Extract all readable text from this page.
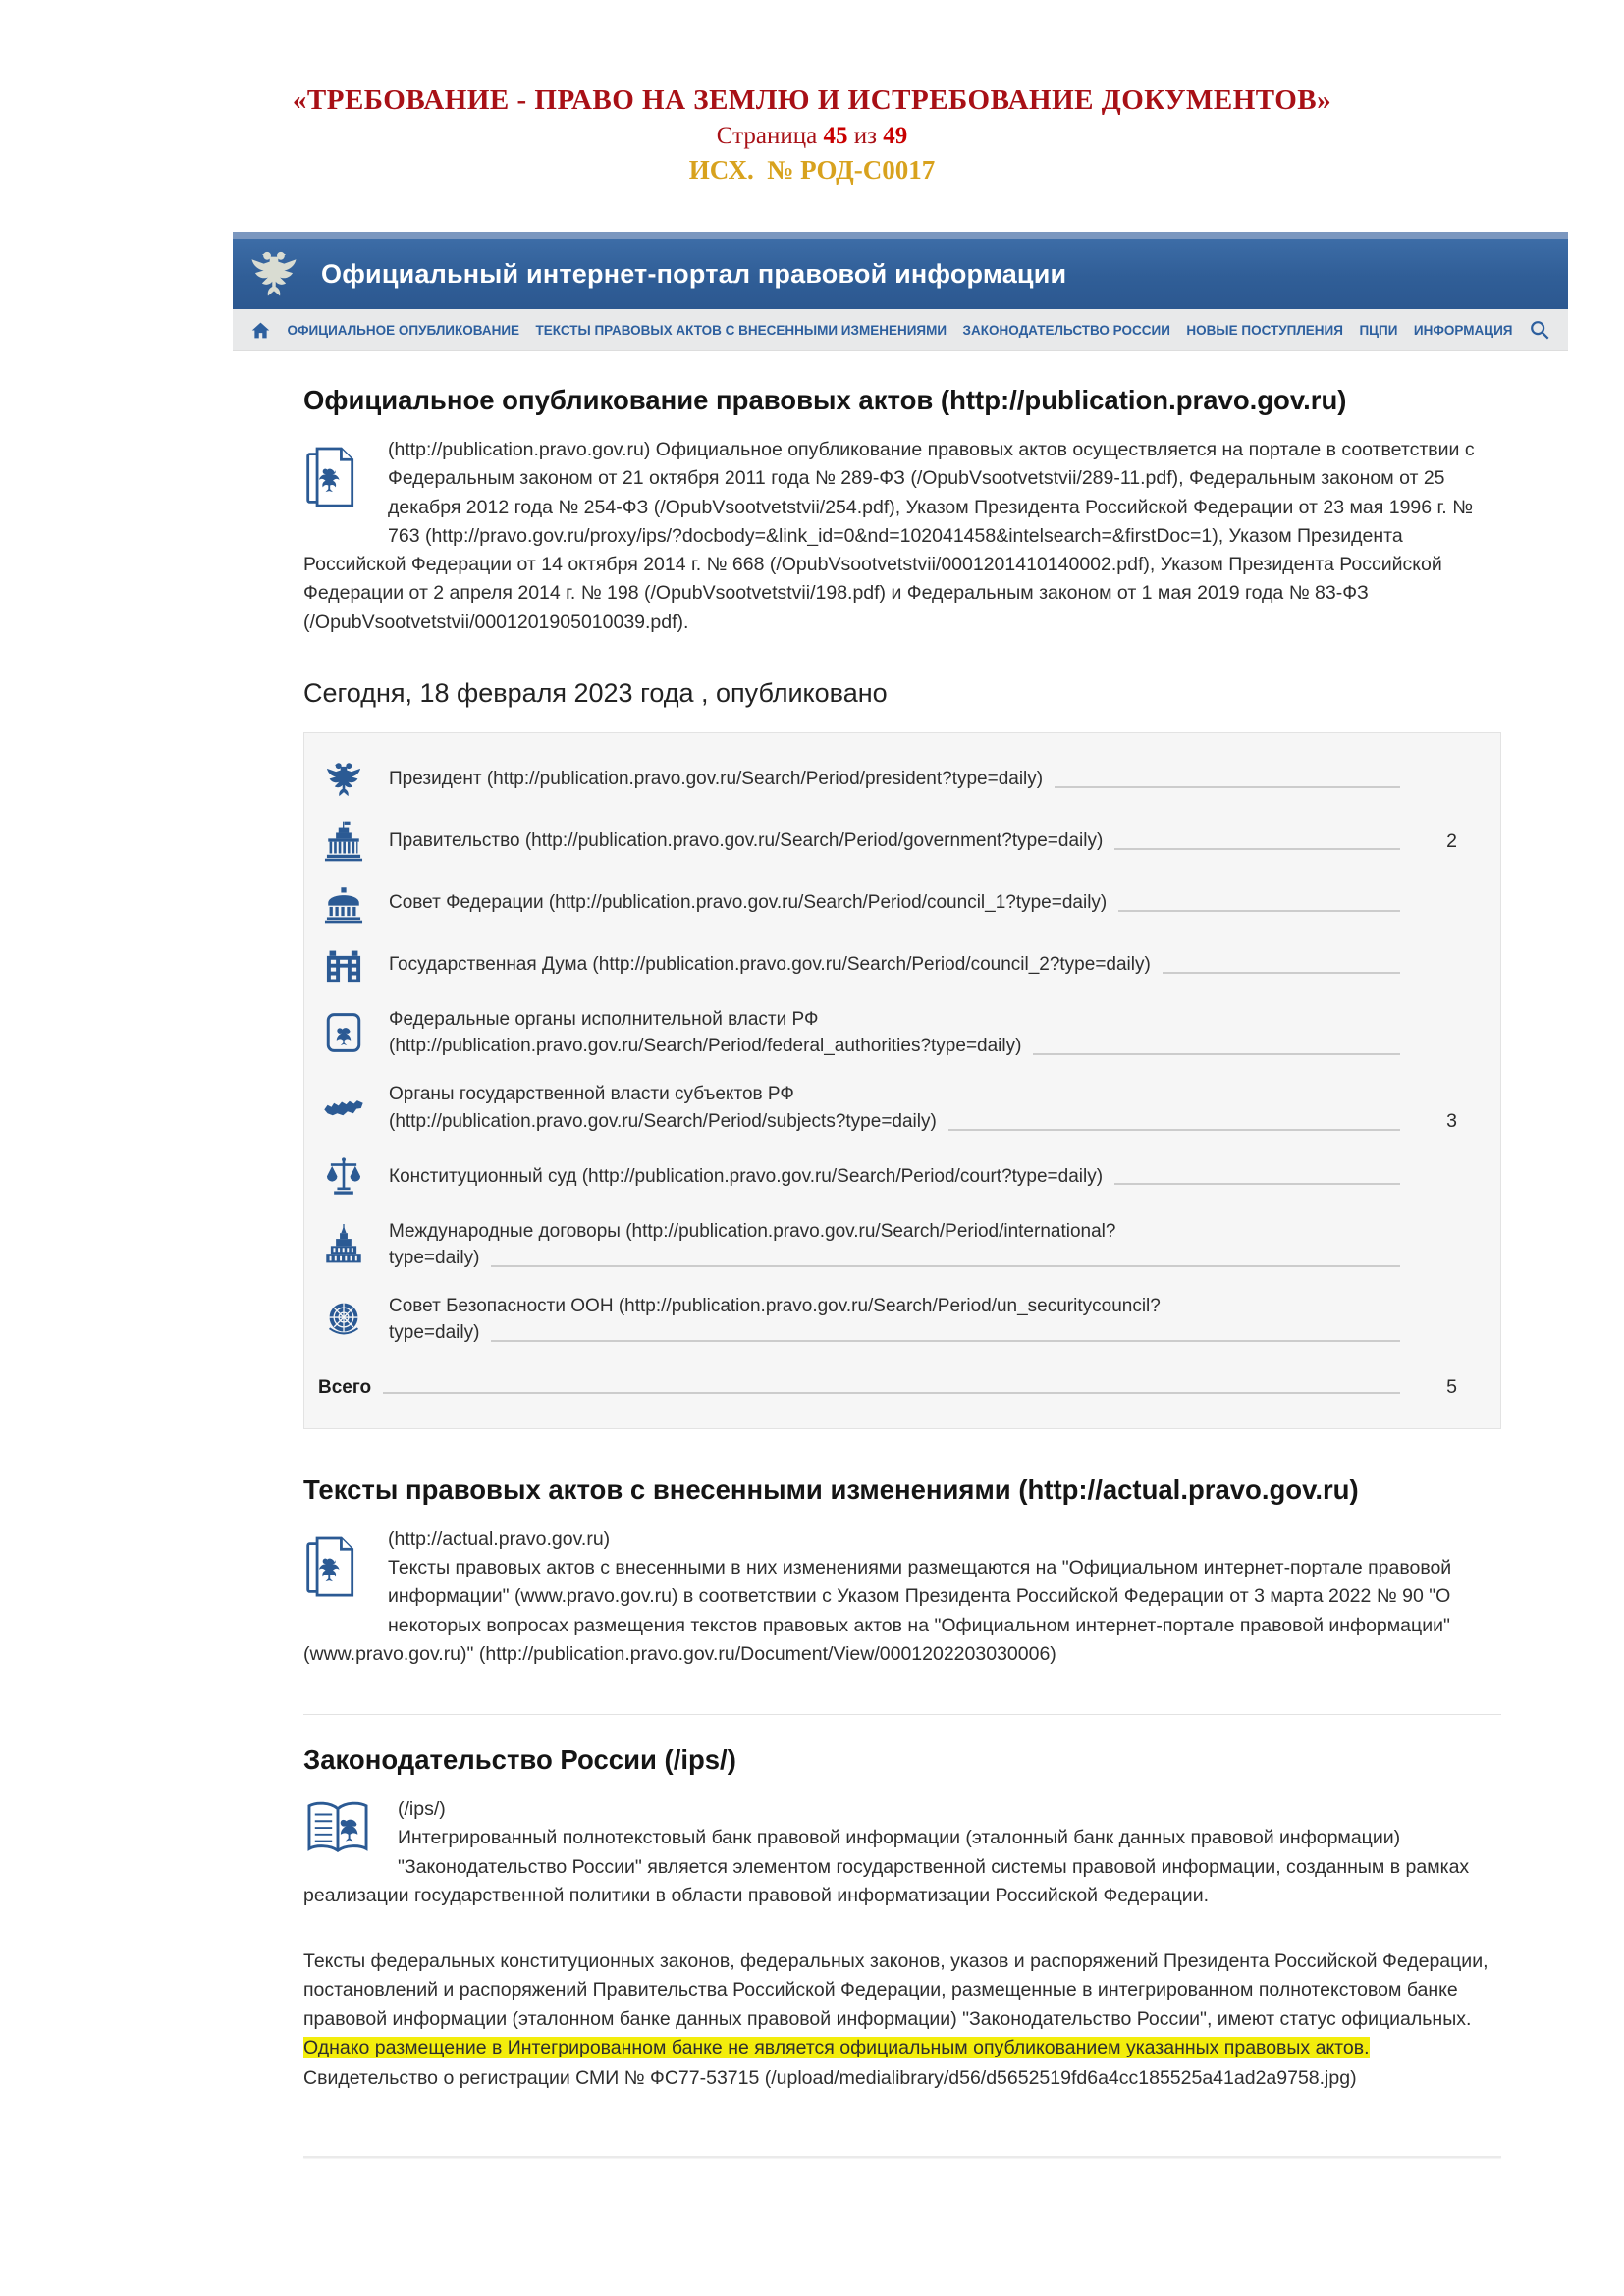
«ТРЕБОВАНИЕ - ПРАВО НА ЗЕМЛЮ И ИСТРЕБОВАНИЕ ДОКУМЕНТОВ»
Страница 45 из 49
ИСХ.  № РОД-С0017
Официальный интернет-портал правовой информации
ОФИЦИАЛЬНОЕ ОПУБЛИКОВАНИЕ ТЕКСТЫ ПРАВОВЫХ АКТОВ С ВНЕСЕННЫМИ ИЗМЕНЕНИЯМИ ЗАКОНОДАТЕЛЬСТВО РОССИИ НОВЫЕ ПОСТУПЛЕНИЯ ПЦПИ ИНФОРМАЦИЯ
Официальное опубликование правовых актов (http://publication.pravo.gov.ru)
(http://publication.pravo.gov.ru) Официальное опубликование правовых актов осуществляется на портале в соответствии с Федеральным законом от 21 октября 2011 года № 289-ФЗ (/OpubVsootvetstvii/289-11.pdf), Федеральным законом от 25 декабря 2012 года № 254-ФЗ (/OpubVsootvetstvii/254.pdf), Указом Президента Российской Федерации от 23 мая 1996 г. № 763 (http://pravo.gov.ru/proxy/ips/?docbody=&link_id=0&nd=102041458&intelsearch=&firstDoc=1), Указом Президента Российской Федерации от 14 октября 2014 г. № 668 (/OpubVsootvetstvii/0001201410140002.pdf), Указом Президента Российской Федерации от 2 апреля 2014 г. № 198 (/OpubVsootvetstvii/198.pdf) и Федеральным законом от 1 мая 2019 года № 83-ФЗ (/OpubVsootvetstvii/0001201905010039.pdf).
Сегодня, 18 февраля 2023 года , опубликовано
Президент (http://publication.pravo.gov.ru/Search/Period/president?type=daily)
Правительство (http://publication.pravo.gov.ru/Search/Period/government?type=daily)	2
Совет Федерации (http://publication.pravo.gov.ru/Search/Period/council_1?type=daily)
Государственная Дума (http://publication.pravo.gov.ru/Search/Period/council_2?type=daily)
Федеральные органы исполнительной власти РФ
(http://publication.pravo.gov.ru/Search/Period/federal_authorities?type=daily)
Органы государственной власти субъектов РФ
(http://publication.pravo.gov.ru/Search/Period/subjects?type=daily)	3
Конституционный суд (http://publication.pravo.gov.ru/Search/Period/court?type=daily)
Международные договоры (http://publication.pravo.gov.ru/Search/Period/international?
type=daily)
Совет Безопасности ООН (http://publication.pravo.gov.ru/Search/Period/un_securitycouncil?
type=daily)
Всего	5
Тексты правовых актов с внесенными изменениями (http://actual.pravo.gov.ru)
(http://actual.pravo.gov.ru)
Тексты правовых актов с внесенными в них изменениями размещаются на "Официальном интернет-портале правовой информации" (www.pravo.gov.ru) в соответствии с Указом Президента Российской Федерации от 3 марта 2022 № 90 "О некоторых вопросах размещения текстов правовых актов на "Официальном интернет-портале правовой информации" (www.pravo.gov.ru)" (http://publication.pravo.gov.ru/Document/View/0001202203030006)
Законодательство России (/ips/)
(/ips/)
Интегрированный полнотекстовый банк правовой информации (эталонный банк данных правовой информации) "Законодательство России" является элементом государственной системы правовой информации, созданным в рамках реализации государственной политики в области правовой информатизации Российской Федерации.
Тексты федеральных конституционных законов, федеральных законов, указов и распоряжений Президента Российской Федерации, постановлений и распоряжений Правительства Российской Федерации, размещенные в интегрированном полнотекстовом банке правовой информации (эталонном банке данных правовой информации) "Законодательство России", имеют статус официальных. Однако размещение в Интегрированном банке не является официальным опубликованием указанных правовых актов.
Свидетельство о регистрации СМИ № ФС77-53715 (/upload/medialibrary/d56/d5652519fd6a4cc185525a41ad2a9758.jpg)
